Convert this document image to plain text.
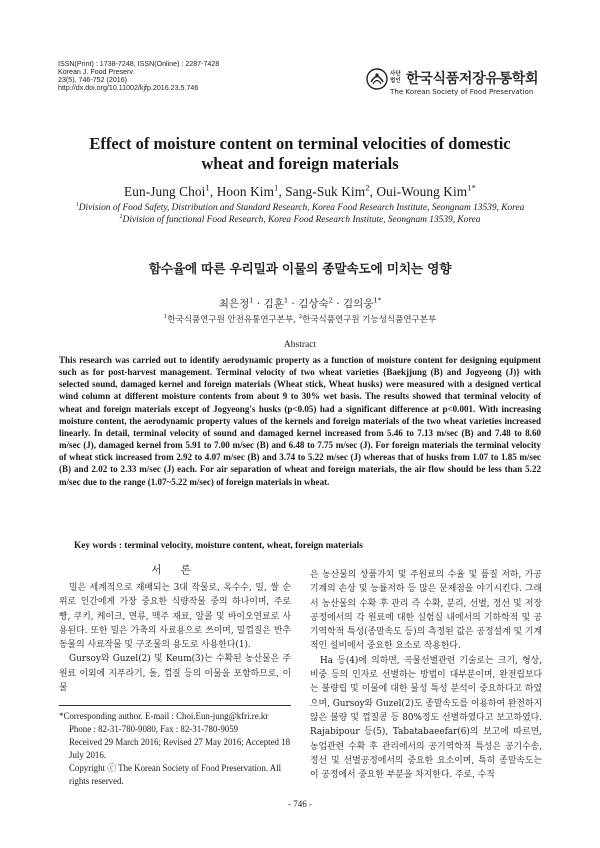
ISSN(Print) : 1738-7248, ISSN(Online) : 2287-7428
Korean J. Food Preserv.
23(5), 746-752 (2016)
http://dx.doi.org/10.11002/kjfp.2016.23.5.746
사단법인 한국식품저장유통학회
The Korean Society of Food Preservation
Effect of moisture content on terminal velocities of domestic wheat and foreign materials
Eun-Jung Choi$^1$, Hoon Kim$^1$, Sang-Suk Kim$^2$, Oui-Woung Kim$^{1*}$
$^1$Division of Food Safety, Distribution and Standard Research, Korea Food Research Institute, Seongnam 13539, Korea
$^2$Division of functional Food Research, Korea Food Research Institute, Seongnam 13539, Korea
함수율에 따른 우리밀과 이물의 종말속도에 미치는 영향
최은정$^1$ · 김훈$^1$ · 김상숙$^2$ · 김의웅$^{1*}$
$^1$한국식품연구원 안전유통연구본부, $^2$한국식품연구원 기능성식품연구본부
Abstract
This research was carried out to identify aerodynamic property as a function of moisture content for designing equipment such as for post-harvest management. Terminal velocity of two wheat varieties {Baekjjung (B) and Jogyeong (J)} with selected sound, damaged kernel and foreign materials (Wheat stick, Wheat husks) were measured with a designed vertical wind column at different moisture contents from about 9 to 30% wet basis. The results showed that terminal velocity of wheat and foreign materials except of Jogyeong's husks (p<0.05) had a significant difference at p<0.001. With increasing moisture content, the aerodynamic property values of the kernels and foreign materials of the two wheat varieties increased linearly. In detail, terminal velocity of sound and damaged kernel increased from 5.46 to 7.13 m/sec (B) and 7.48 to 8.60 m/sec (J), damaged kernel from 5.91 to 7.00 m/sec (B) and 6.48 to 7.75 m/sec (J). For foreign materials the terminal velocity of wheat stick increased from 2.92 to 4.07 m/sec (B) and 3.74 to 5.22 m/sec (J) whereas that of husks from 1.07 to 1.85 m/sec (B) and 2.02 to 2.33 m/sec (J) each. For air separation of wheat and foreign materials, the air flow should be less than 5.22 m/sec due to the range (1.07~5.22 m/sec) of foreign materials in wheat.
Key words : terminal velocity, moisture content, wheat, foreign materials
서 론

밀은 세계적으로 재배되는 3대 작물로, 옥수수, 밀, 쌀 순위로 인간에게 가장 중요한 식량작물 중의 하나이며, 주로 빵, 쿠키, 케이크, 면류, 맥주 재료, 알콜 및 바이오연료로 사용된다. 또한 밀은 가축의 사료용으로 쓰이며, 밀껍질은 반추동물의 사료작물 및 구조물의 용도로 사용한다(1).

Gursoy와 Guzel(2) 및 Keum(3)는 수확된 농산물은 주원료 이외에 지푸라기, 돌, 껍질 등의 이물을 포함하므로, 이물

은 농산물의 상품가치 및 주원료의 수율 및 품질 저하, 가공기계의 손상 및 능률저하 등 많은 문제점을 야기시킨다. 그래서 농산물의 수확 후 관리 즉 수확, 분리, 선별, 정선 및 저장공정에서의 각 원료에 대한 실험실 내에서의 기하학적 및 공기역학적 특성(종말속도 등)의 측정된 값은 공정설계 및 기계적인 설비에서 중요한 요소로 작용한다.

Ha 등(4)에 의하면, 곡물선별관련 기술로는 크기, 형상, 비중 등의 인자로 선별하는 방법이 대부분이며, 완전립보다는 불량립 및 이물에 대한 물성 특성 분석이 중요하다고 하였으며, Gursoy와 Guzel(2)도 종말속도를 이용하여 완전하지 않은 불량 및 껍질콩 등 80%정도 선별하였다고 보고하였다. Rajabipour 등(5), Tabatabaeefar(6)의 보고에 따르면, 농업관련 수확 후 관리에서의 공기역학적 특성은 공기수송, 정선 및 선별공정에서의 중요한 요소이며, 특히 종말속도는 이 공정에서 중요한 부분을 차지한다. 주로, 수직

*Corresponding author. E-mail : Choi.Eun-jung@kfri.re.kr
Phone : 82-31-780-9080, Fax : 82-31-780-9059
Received 29 March 2016; Revised 27 May 2016; Accepted 18 July 2016.
Copyright ⓒ The Korean Society of Food Preservation. All rights reserved.
- 746 -
